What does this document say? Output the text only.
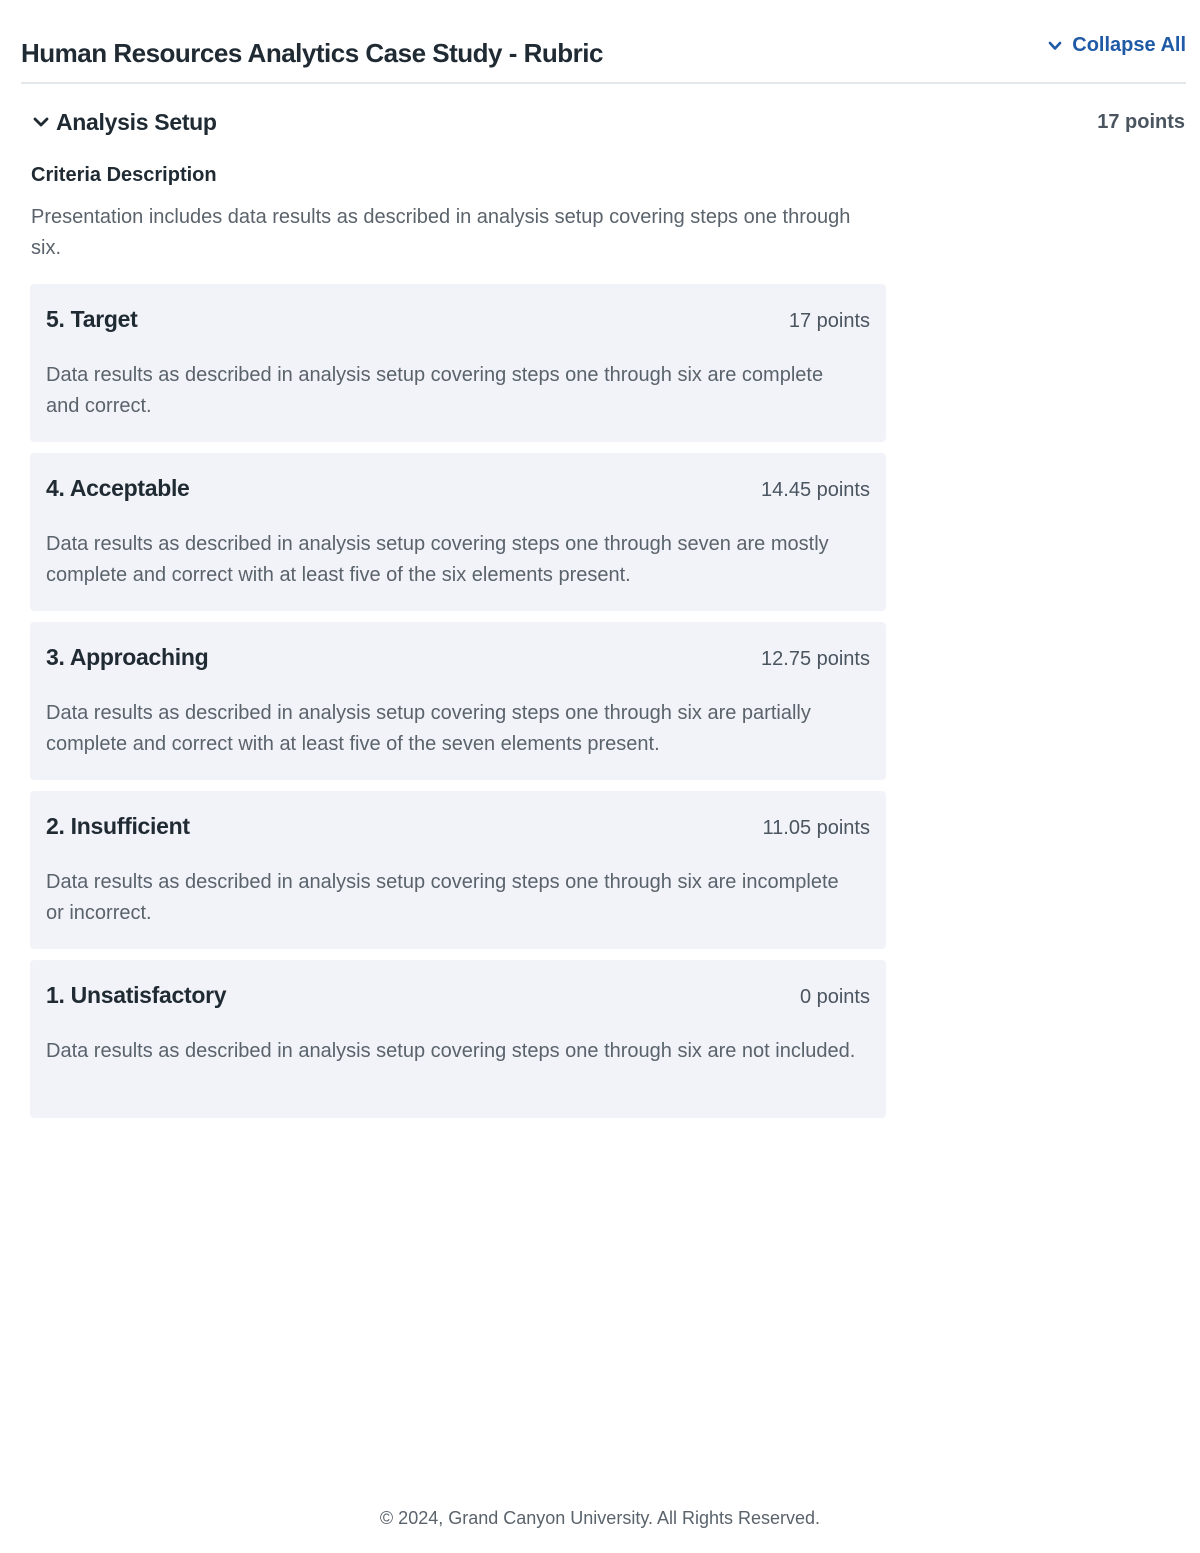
Human Resources Analytics Case Study - Rubric	Collapse All
Analysis Setup	17 points
Criteria Description
Presentation includes data results as described in analysis setup covering steps one through six.
5. Target	17 points
Data results as described in analysis setup covering steps one through six are complete and correct.
4. Acceptable	14.45 points
Data results as described in analysis setup covering steps one through seven are mostly complete and correct with at least five of the six elements present.
3. Approaching	12.75 points
Data results as described in analysis setup covering steps one through six are partially complete and correct with at least five of the seven elements present.
2. Insufficient	11.05 points
Data results as described in analysis setup covering steps one through six are incomplete or incorrect.
1. Unsatisfactory	0 points
Data results as described in analysis setup covering steps one through six are not included.
© 2024, Grand Canyon University. All Rights Reserved.
